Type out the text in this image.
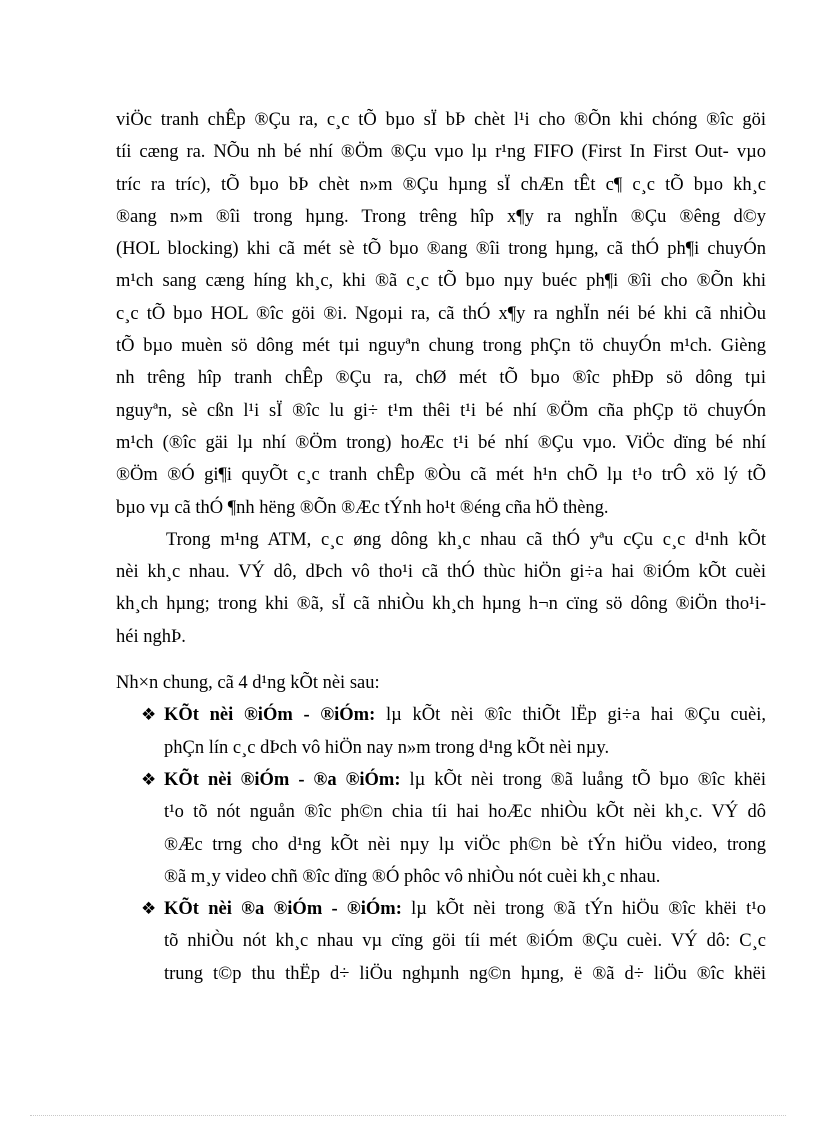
viÖc tranh chÊp ®Çu ra, c¸c tÕ bµo sÏ bÞ chèt l¹i cho ®Õn khi chóng ®îc göi
tíi cæng ra. NÕu nh bé nhí ®Öm ®Çu vµo lµ r¹ng FIFO (First In First Out- vµo
tríc ra tríc), tÕ bµo bÞ chèt n»m ®Çu hµng sÏ chÆn tÊt c¶ c¸c tÕ bµo kh¸c
®ang n»m ®îi trong hµng. Trong trêng hîp x¶y ra nghÏn ®Çu ®êng d©y
(HOL blocking) khi cã mét sè tÕ bµo ®ang ®îi trong hµng, cã thÓ ph¶i chuyÓn
m¹ch sang cæng híng kh¸c, khi ®ã c¸c tÕ bµo nµy buéc ph¶i ®îi cho ®Õn khi
c¸c tÕ bµo HOL ®îc göi ®i. Ngoµi ra, cã thÓ x¶y ra nghÏn néi bé khi cã nhiÒu
tÕ bµo muèn sö dông mét tµi nguyªn chung trong phÇn tö chuyÓn m¹ch. Gièng
nh trêng hîp tranh chÊp ®Çu ra, chØ mét tÕ bµo ®îc phÐp sö dông tµi
nguyªn, sè cßn l¹i sÏ ®îc lu gi÷ t¹m thêi t¹i bé nhí ®Öm cña phÇp tö chuyÓn
m¹ch (®îc gäi lµ nhí ®Öm trong) hoÆc t¹i bé nhí ®Çu vµo. ViÖc dïng bé nhí
®Öm ®Ó gi¶i quyÕt c¸c tranh chÊp ®Òu cã mét h¹n chÕ lµ t¹o trÔ xö lý tÕ
bµo vµ cã thÓ ¶nh hëng ®Õn ®Æc tÝnh ho¹t ®éng cña hÖ thèng.
Trong m¹ng ATM, c¸c øng dông kh¸c nhau cã thÓ yªu cÇu c¸c d¹nh kÕt
nèi kh¸c nhau. VÝ dô, dÞch vô tho¹i cã thÓ thùc hiÖn gi÷a hai ®iÓm kÕt cuèi
kh¸ch hµng; trong khi ®ã, sÏ cã nhiÒu kh¸ch hµng h¬n cïng sö dông ®iÖn tho¹i-
héi nghÞ.

Nh×n chung, cã 4 d¹ng kÕt nèi sau:

❖ KÕt nèi ®iÓm - ®iÓm: lµ kÕt nèi ®îc thiÕt lËp gi÷a hai ®Çu cuèi,
phÇn lín c¸c dÞch vô hiÖn nay n»m trong d¹ng kÕt nèi nµy.
❖ KÕt nèi ®iÓm - ®a ®iÓm: lµ kÕt nèi trong ®ã luång tÕ bµo ®îc khëi
t¹o tõ nót nguån ®îc ph©n chia tíi hai hoÆc nhiÒu kÕt nèi kh¸c. VÝ dô
®Æc trng cho d¹ng kÕt nèi nµy lµ viÖc ph©n bè tÝn hiÖu video, trong
®ã m¸y video chñ ®îc dïng ®Ó phôc vô nhiÒu nót cuèi kh¸c nhau.
❖ KÕt nèi ®a ®iÓm - ®iÓm: lµ kÕt nèi trong ®ã tÝn hiÖu ®îc khëi t¹o
tõ nhiÒu nót kh¸c nhau vµ cïng göi tíi mét ®iÓm ®Çu cuèi. VÝ dô: C¸c
trung t©p thu thËp d÷ liÖu nghµnh ng©n hµng, ë ®ã d÷ liÖu ®îc khëi
